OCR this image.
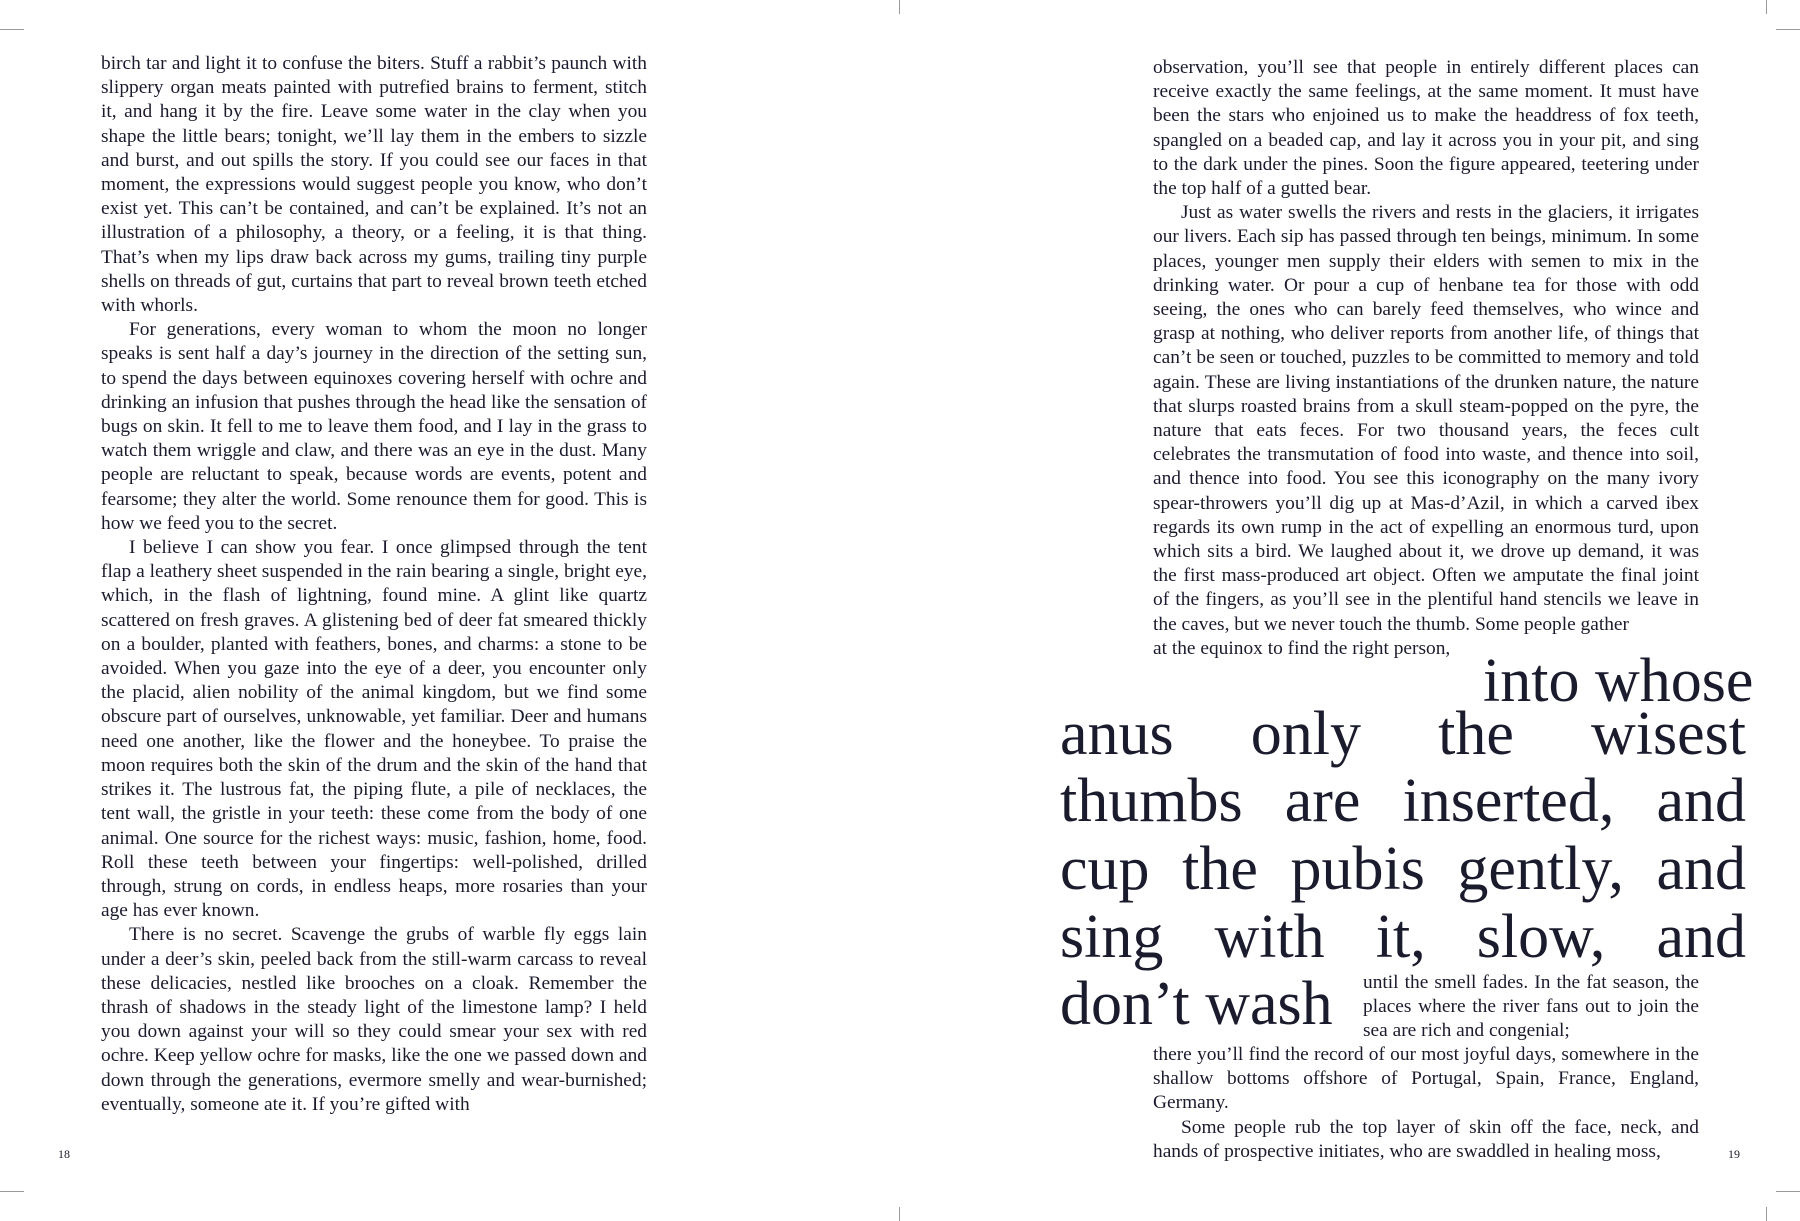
birch tar and light it to confuse the biters. Stuff a rabbit’s paunch with slippery organ meats painted with putrefied brains to ferment, stitch it, and hang it by the fire. Leave some water in the clay when you shape the little bears; tonight, we’ll lay them in the embers to sizzle and burst, and out spills the story. If you could see our faces in that moment, the expressions would suggest people you know, who don’t exist yet. This can’t be contained, and can’t be explained. It’s not an illustration of a philosophy, a theory, or a feeling, it is that thing. That’s when my lips draw back across my gums, trailing tiny purple shells on threads of gut, curtains that part to reveal brown teeth etched with whorls.

For generations, every woman to whom the moon no longer speaks is sent half a day’s journey in the direction of the setting sun, to spend the days between equinoxes covering herself with ochre and drinking an infusion that pushes through the head like the sensation of bugs on skin. It fell to me to leave them food, and I lay in the grass to watch them wriggle and claw, and there was an eye in the dust. Many people are reluctant to speak, because words are events, potent and fearsome; they alter the world. Some renounce them for good. This is how we feed you to the secret.

I believe I can show you fear. I once glimpsed through the tent flap a leathery sheet suspended in the rain bearing a single, bright eye, which, in the flash of lightning, found mine. A glint like quartz scattered on fresh graves. A glistening bed of deer fat smeared thickly on a boulder, planted with feathers, bones, and charms: a stone to be avoided. When you gaze into the eye of a deer, you encounter only the placid, alien nobility of the animal kingdom, but we find some obscure part of ourselves, unknowable, yet familiar. Deer and humans need one another, like the flower and the honeybee. To praise the moon requires both the skin of the drum and the skin of the hand that strikes it. The lustrous fat, the piping flute, a pile of necklaces, the tent wall, the gristle in your teeth: these come from the body of one animal. One source for the richest ways: music, fashion, home, food. Roll these teeth between your fingertips: well-polished, drilled through, strung on cords, in endless heaps, more rosaries than your age has ever known.

There is no secret. Scavenge the grubs of warble fly eggs lain under a deer’s skin, peeled back from the still-warm carcass to reveal these delicacies, nestled like brooches on a cloak. Remember the thrash of shadows in the steady light of the limestone lamp? I held you down against your will so they could smear your sex with red ochre. Keep yellow ochre for masks, like the one we passed down and down through the generations, evermore smelly and wear-burnished; eventually, someone ate it. If you’re gifted with

18

observation, you’ll see that people in entirely different places can receive exactly the same feelings, at the same moment. It must have been the stars who enjoined us to make the headdress of fox teeth, spangled on a beaded cap, and lay it across you in your pit, and sing to the dark under the pines. Soon the figure appeared, teetering under the top half of a gutted bear.

Just as water swells the rivers and rests in the glaciers, it irrigates our livers. Each sip has passed through ten beings, minimum. In some places, younger men supply their elders with semen to mix in the drinking water. Or pour a cup of henbane tea for those with odd seeing, the ones who can barely feed themselves, who wince and grasp at nothing, who deliver reports from another life, of things that can’t be seen or touched, puzzles to be committed to memory and told again. These are living instantiations of the drunken nature, the nature that slurps roasted brains from a skull steam-popped on the pyre, the nature that eats feces. For two thousand years, the feces cult celebrates the transmutation of food into waste, and thence into soil, and thence into food. You see this iconography on the many ivory spear-throwers you’ll dig up at Mas-d’Azil, in which a carved ibex regards its own rump in the act of expelling an enormous turd, upon which sits a bird. We laughed about it, we drove up demand, it was the first mass-produced art object. Often we amputate the final joint of the fingers, as you’ll see in the plentiful hand stencils we leave in the caves, but we never touch the thumb. Some people gather

at the equinox to find the right person, into whose
anus only the wisest
thumbs are inserted, and
cup the pubis gently, and
sing with it, slow, and
don’t wash until the smell fades. In the fat season, the places where the river fans out to join the sea are rich and congenial;

there you’ll find the record of our most joyful days, somewhere in the shallow bottoms offshore of Portugal, Spain, France, England, Germany.

Some people rub the top layer of skin off the face, neck, and hands of prospective initiates, who are swaddled in healing moss,	19
